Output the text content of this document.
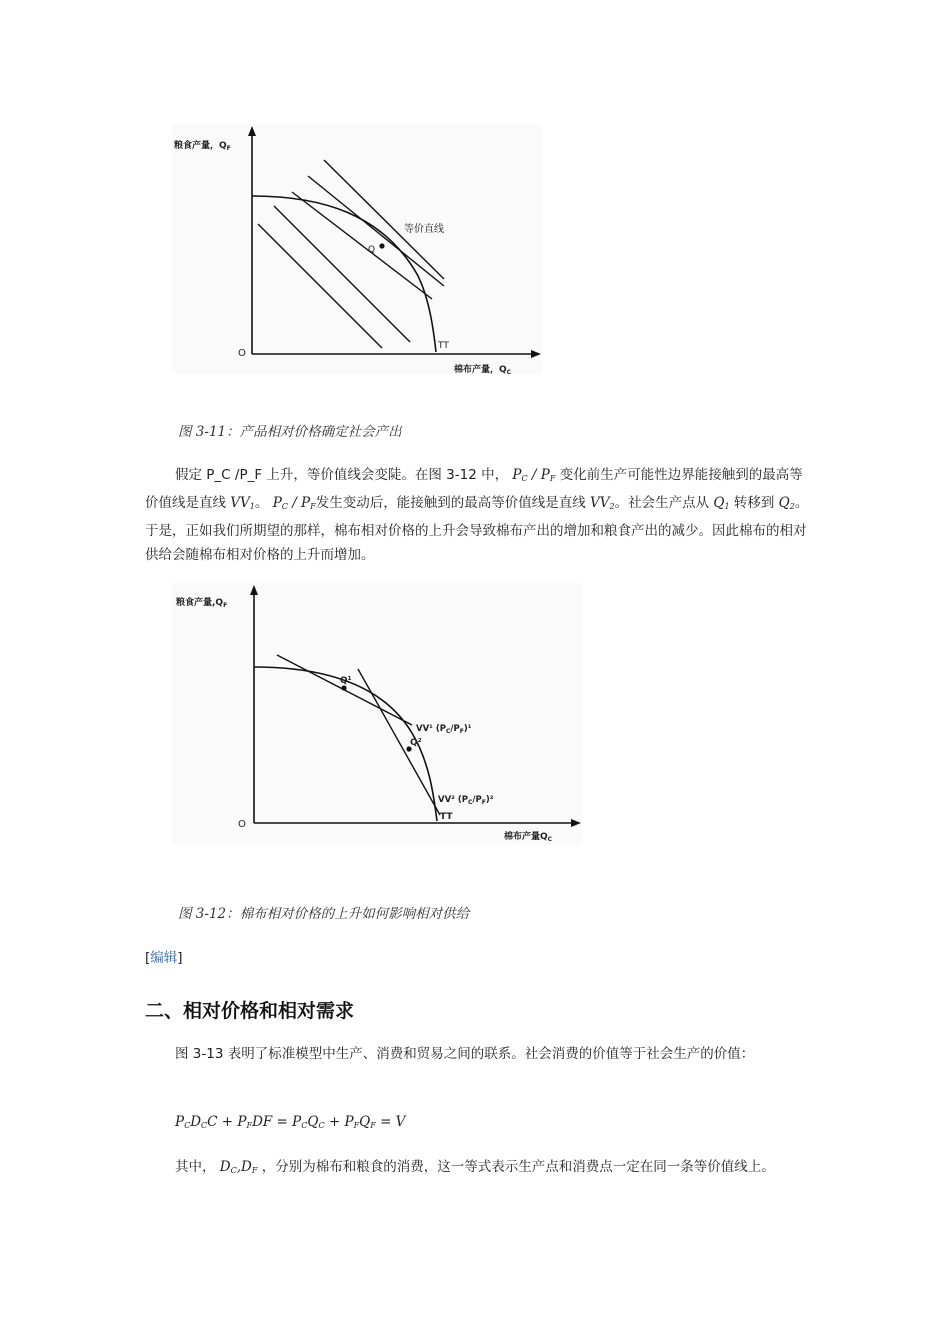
粮食产量，$Q_F$
O
Q
等价直线
TT
棉布产量，$Q_C$
图 3-11：产品相对价格确定社会产出
假定 P_C /P_F 上升，等价值线会变陡。在图 3-12 中， $P_C / P_F$ 变化前生产可能性边界能接触到的最高等价值线是直线 $VV_1$。 $P_C / P_F$发生变动后，能接触到的最高等价值线是直线 $VV_2$。社会生产点从 $Q_1$ 转移到 $Q_2$。于是，正如我们所期望的那样，棉布相对价格的上升会导致棉布产出的增加和粮食产出的减少。因此棉布的相对供给会随棉布相对价格的上升而增加。
粮食产量$,Q_F$
O
Q¹
Q²
VV¹ $(P_C/P_F)^1$
VV² $(P_C/P_F)^2$
TT
棉布产量$Q_C$
图 3-12：棉布相对价格的上升如何影响相对供给
[编辑]
二、相对价格和相对需求
图 3-13 表明了标准模型中生产、消费和贸易之间的联系。社会消费的价值等于社会生产的价值：
$P_CD_CC + P_FDF = P_CQ_C + P_FQ_F = V$
其中， $D_C,D_F$ ，分别为棉布和粮食的消费，这一等式表示生产点和消费点一定在同一条等价值线上。
